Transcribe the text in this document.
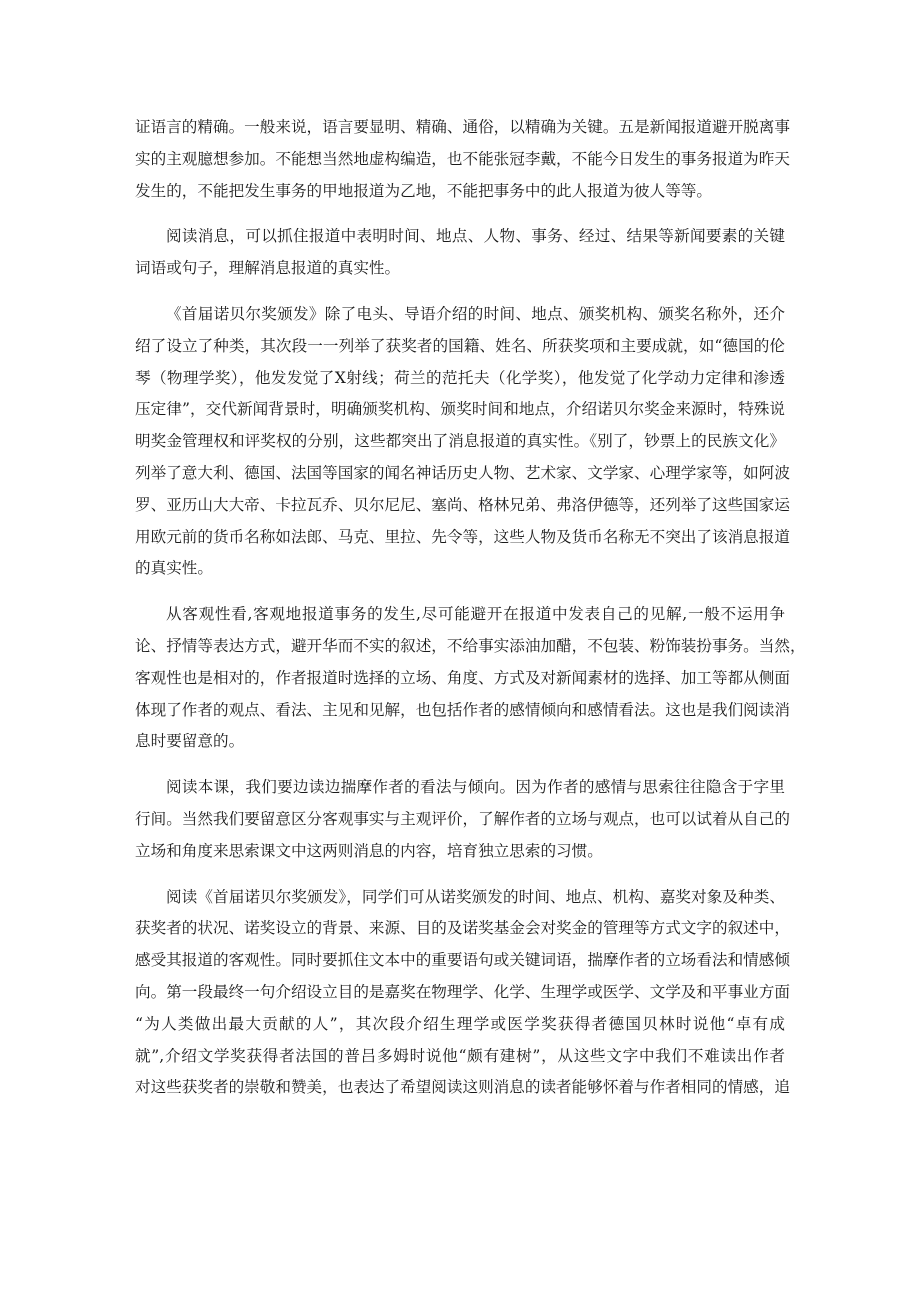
证语言的精确。一般来说，语言要显明、精确、通俗，以精确为关键。五是新闻报道避开脱离事
实的主观臆想参加。不能想当然地虚构编造，也不能张冠李戴，不能今日发生的事务报道为昨天
发生的，不能把发生事务的甲地报道为乙地，不能把事务中的此人报道为彼人等等。
阅读消息，可以抓住报道中表明时间、地点、人物、事务、经过、结果等新闻要素的关键
词语或句子，理解消息报道的真实性。
《首届诺贝尔奖颁发》除了电头、导语介绍的时间、地点、颁奖机构、颁奖名称外，还介
绍了设立了种类，其次段一一列举了获奖者的国籍、姓名、所获奖项和主要成就，如“德国的伦
琴（物理学奖），他发发觉了X射线；荷兰的范托夫（化学奖），他发觉了化学动力定律和渗透
压定律”，交代新闻背景时，明确颁奖机构、颁奖时间和地点，介绍诺贝尔奖金来源时，特殊说
明奖金管理权和评奖权的分别，这些都突出了消息报道的真实性。《别了，钞票上的民族文化》
列举了意大利、德国、法国等国家的闻名神话历史人物、艺术家、文学家、心理学家等，如阿波
罗、亚历山大大帝、卡拉瓦乔、贝尔尼尼、塞尚、格林兄弟、弗洛伊德等，还列举了这些国家运
用欧元前的货币名称如法郎、马克、里拉、先令等，这些人物及货币名称无不突出了该消息报道
的真实性。
从客观性看,客观地报道事务的发生,尽可能避开在报道中发表自己的见解,一般不运用争
论、抒情等表达方式，避开华而不实的叙述，不给事实添油加醋，不包装、粉饰装扮事务。当然，
客观性也是相对的，作者报道时选择的立场、角度、方式及对新闻素材的选择、加工等都从侧面
体现了作者的观点、看法、主见和见解，也包括作者的感情倾向和感情看法。这也是我们阅读消
息时要留意的。
阅读本课，我们要边读边揣摩作者的看法与倾向。因为作者的感情与思索往往隐含于字里
行间。当然我们要留意区分客观事实与主观评价，了解作者的立场与观点，也可以试着从自己的
立场和角度来思索课文中这两则消息的内容，培育独立思索的习惯。
阅读《首届诺贝尔奖颁发》，同学们可从诺奖颁发的时间、地点、机构、嘉奖对象及种类、
获奖者的状况、诺奖设立的背景、来源、目的及诺奖基金会对奖金的管理等方式文字的叙述中，
感受其报道的客观性。同时要抓住文本中的重要语句或关键词语，揣摩作者的立场看法和情感倾
向。第一段最终一句介绍设立目的是嘉奖在物理学、化学、生理学或医学、文学及和平事业方面
“为人类做出最大贡献的人”，其次段介绍生理学或医学奖获得者德国贝林时说他“卓有成
就”,介绍文学奖获得者法国的普吕多姆时说他“颇有建树”，从这些文字中我们不难读出作者
对这些获奖者的崇敬和赞美，也表达了希望阅读这则消息的读者能够怀着与作者相同的情感，追
